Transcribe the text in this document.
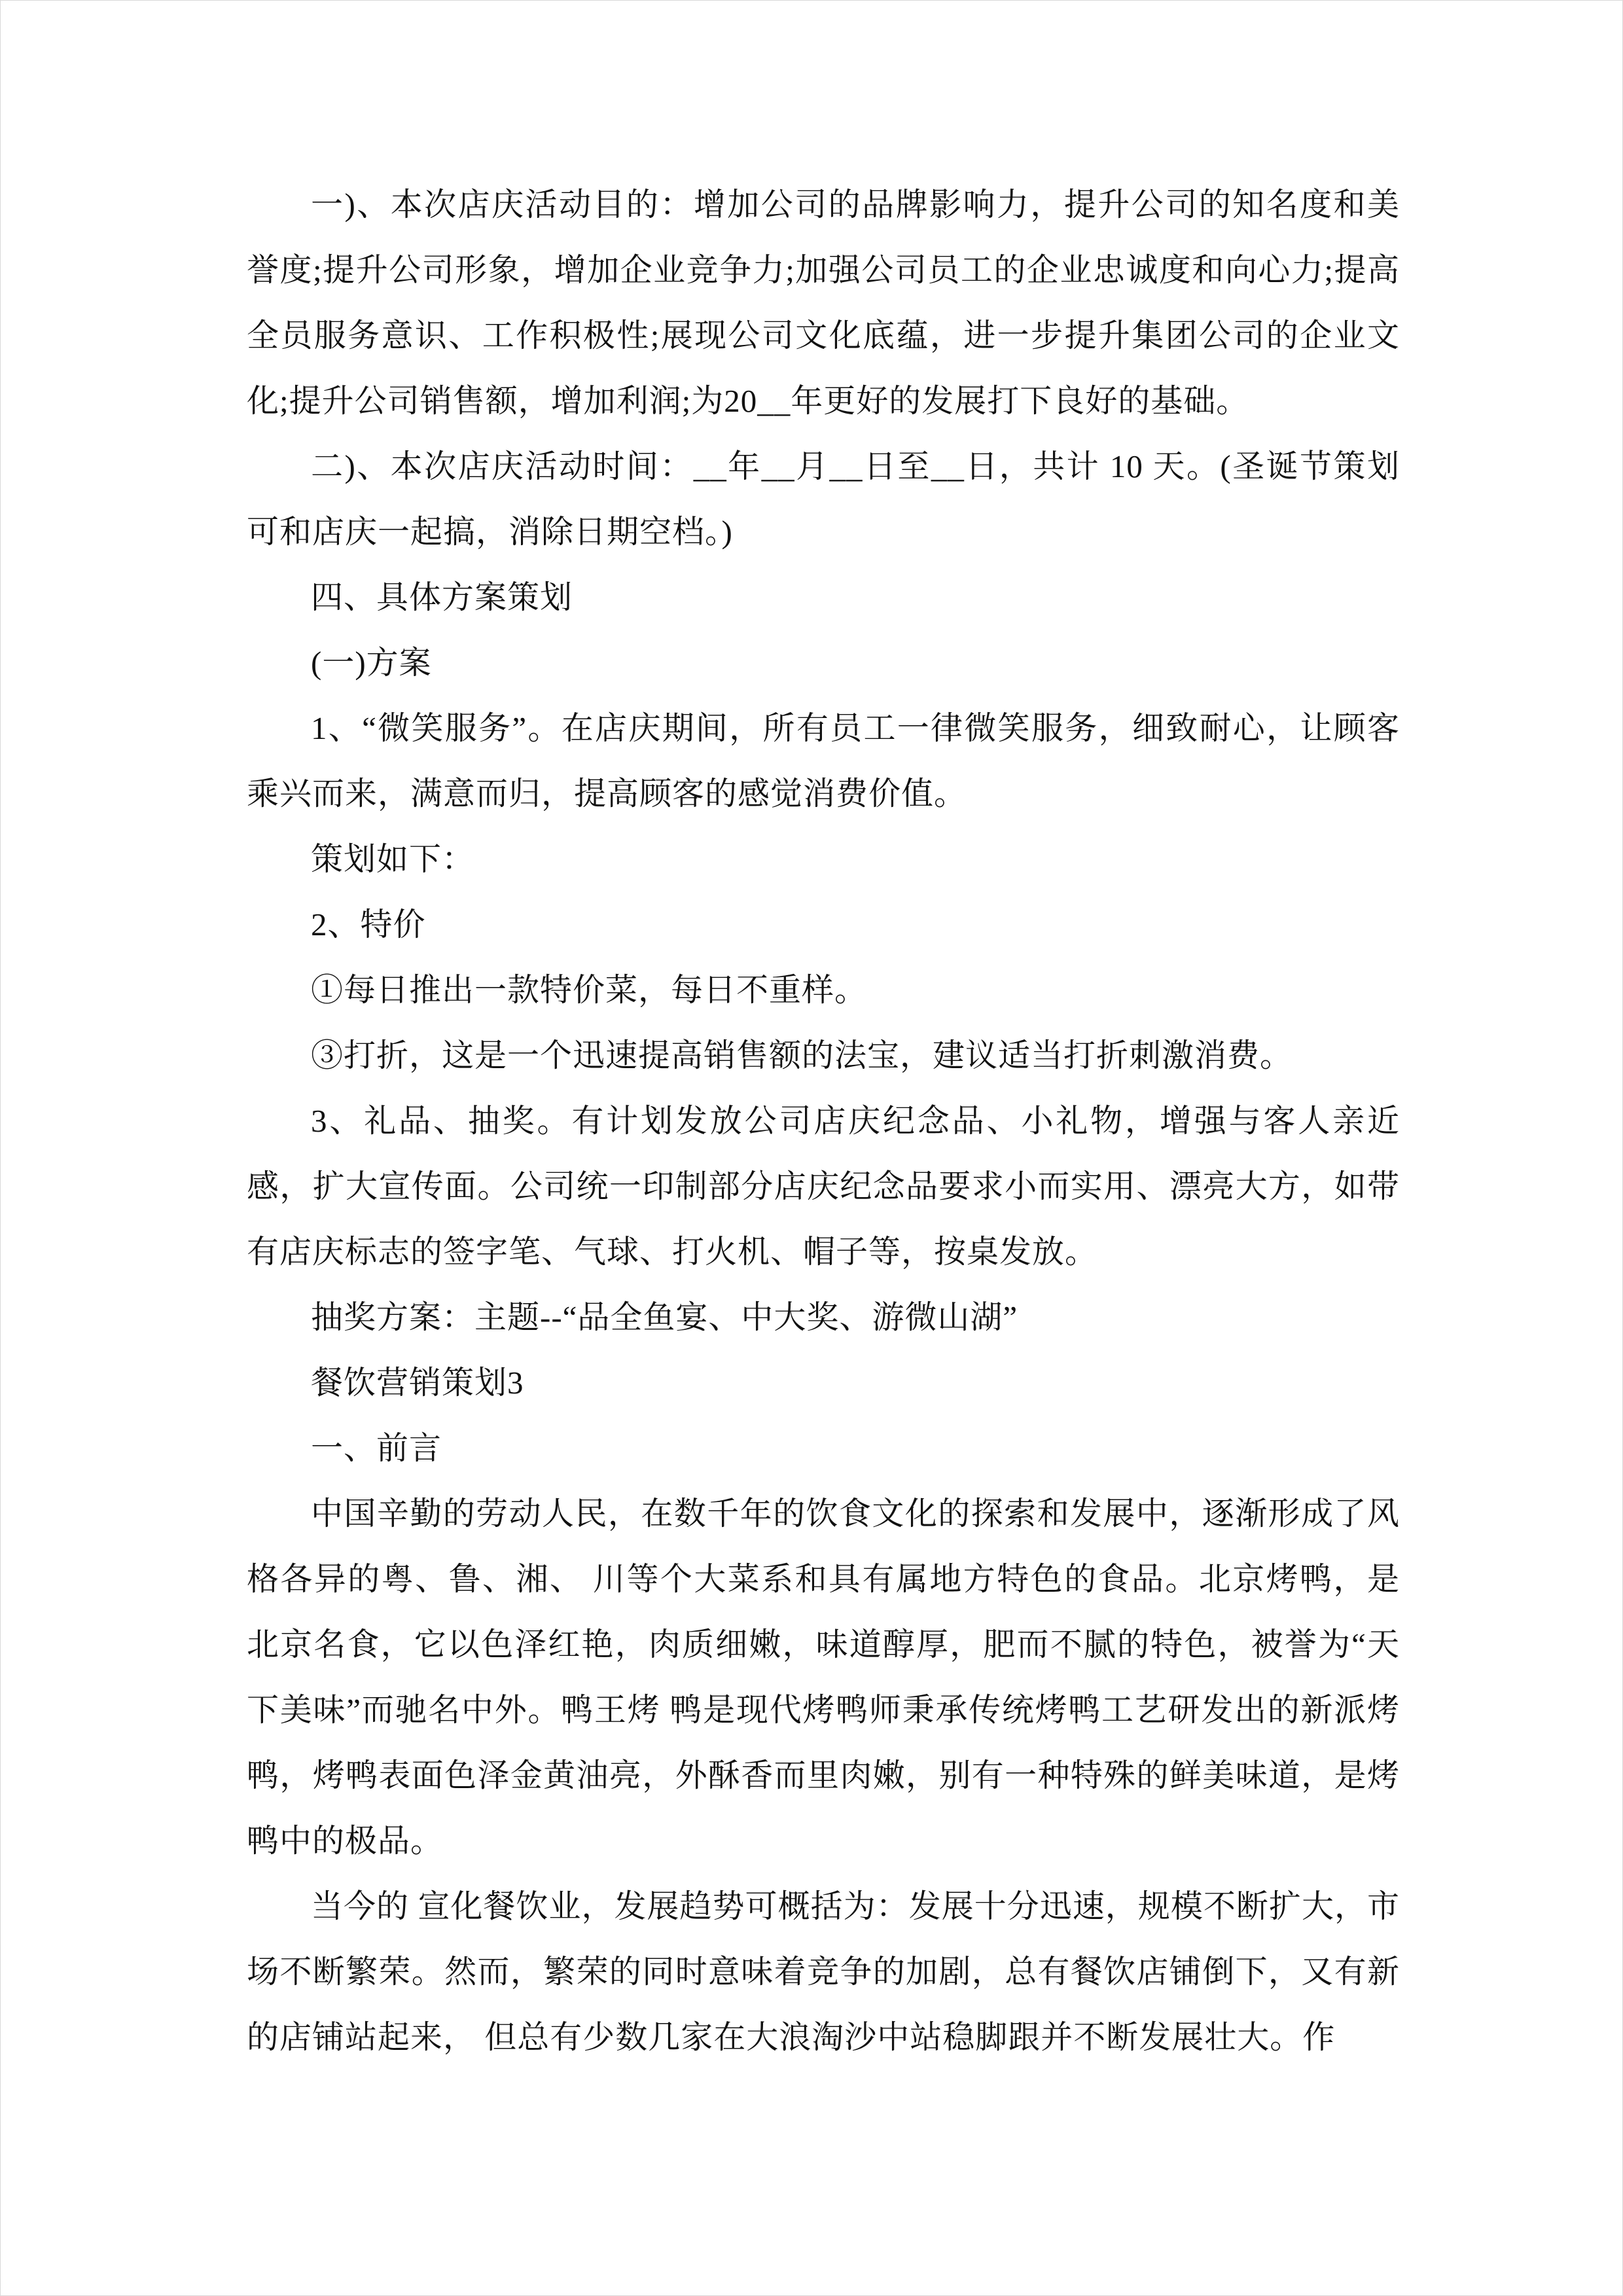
一)、本次店庆活动目的：增加公司的品牌影响力，提升公司的知名度和美誉度;提升公司形象，增加企业竞争力;加强公司员工的企业忠诚度和向心力;提高全员服务意识、工作积极性;展现公司文化底蕴，进一步提升集团公司的企业文化;提升公司销售额，增加利润;为20__年更好的发展打下良好的基础。

二)、本次店庆活动时间：__年__月__日至__日，共计 10 天。(圣诞节策划可和店庆一起搞，消除日期空档。)

四、具体方案策划

(一)方案

1、“微笑服务”。在店庆期间，所有员工一律微笑服务，细致耐心，让顾客乘兴而来，满意而归，提高顾客的感觉消费价值。

策划如下：

2、特价

①每日推出一款特价菜，每日不重样。

③打折，这是一个迅速提高销售额的法宝，建议适当打折刺激消费。

3、礼品、抽奖。有计划发放公司店庆纪念品、小礼物，增强与客人亲近感，扩大宣传面。公司统一印制部分店庆纪念品要求小而实用、漂亮大方，如带有店庆标志的签字笔、气球、打火机、帽子等，按桌发放。

抽奖方案：主题--“品全鱼宴、中大奖、游微山湖”

餐饮营销策划3

一、前言

中国辛勤的劳动人民，在数千年的饮食文化的探索和发展中，逐渐形成了风格各异的粤、鲁、湘、 川等个大菜系和具有属地方特色的食品。北京烤鸭，是北京名食，它以色泽红艳，肉质细嫩，味道醇厚，肥而不腻的特色，被誉为“天下美味”而驰名中外。鸭王烤 鸭是现代烤鸭师秉承传统烤鸭工艺研发出的新派烤鸭，烤鸭表面色泽金黄油亮，外酥香而里肉嫩，别有一种特殊的鲜美味道，是烤鸭中的极品。

当今的 宣化餐饮业，发展趋势可概括为：发展十分迅速，规模不断扩大，市场不断繁荣。然而，繁荣的同时意味着竞争的加剧，总有餐饮店铺倒下，又有新的店铺站起来， 但总有少数几家在大浪淘沙中站稳脚跟并不断发展壮大。作
